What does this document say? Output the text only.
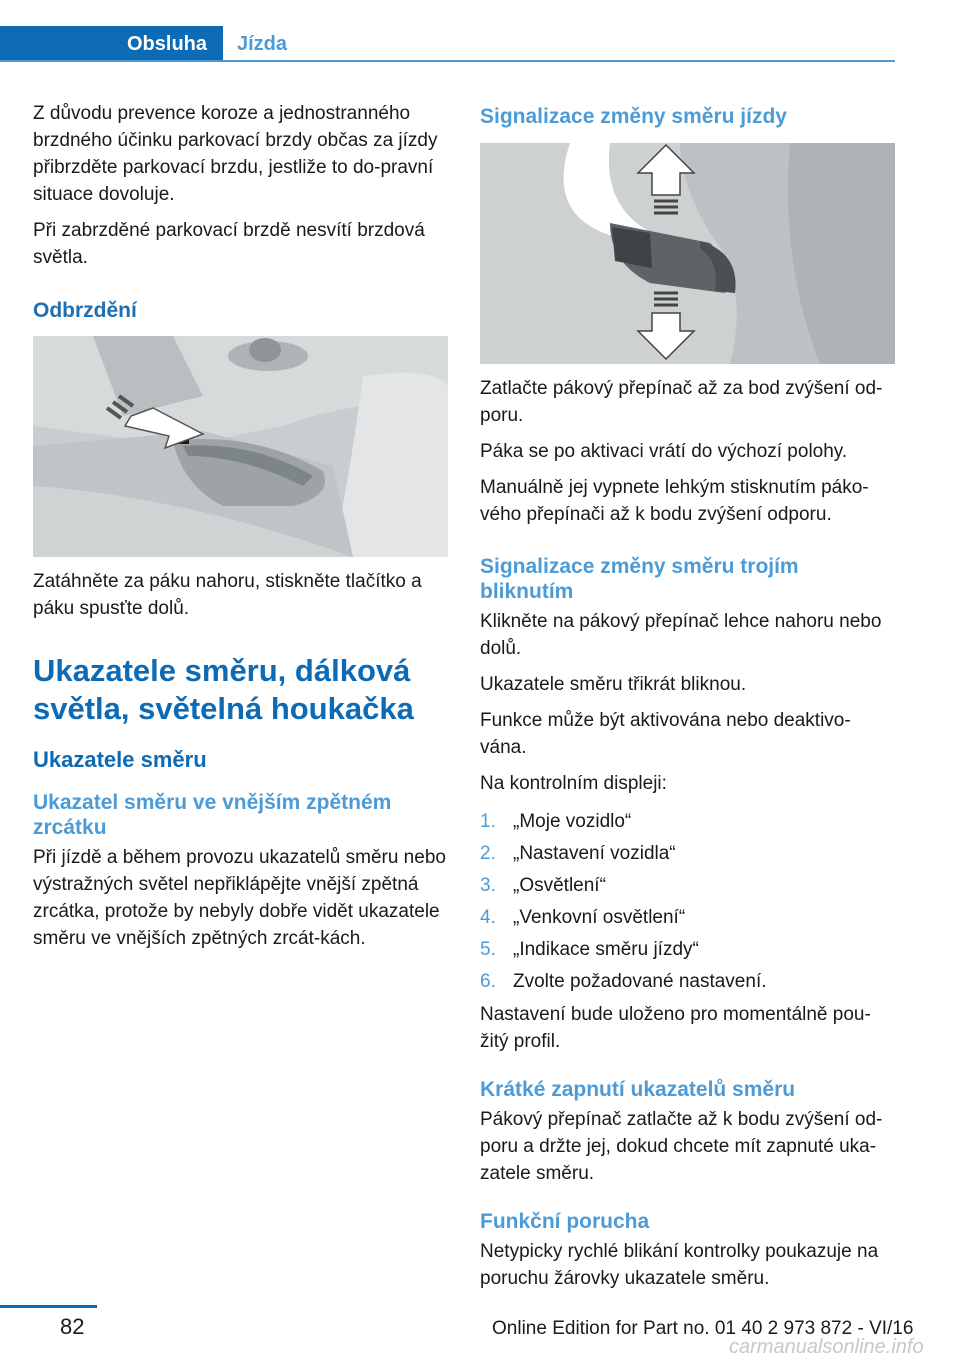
Obsluha	Jízda

Z důvodu prevence koroze a jednostranného brzdného účinku parkovací brzdy občas za jízdy přibrzděte parkovací brzdu, jestliže to do‐pravní situace dovoluje.

Při zabrzděné parkovací brzdě nesvítí brzdová světla.

Odbrzdění

Zatáhněte za páku nahoru, stiskněte tlačítko a páku spusťte dolů.

Ukazatele směru, dálková světla, světelná houkačka
Ukazatele směru
Ukazatel směru ve vnějším zpětném zrcátku

Při jízdě a během provozu ukazatelů směru nebo výstražných světel nepřiklápějte vnější zpětná zrcátka, protože by nebyly dobře vidět ukazatele směru ve vnějších zpětných zrcát‐kách.

Signalizace změny směru jízdy

Zatlačte pákový přepínač až za bod zvýšení od‐poru.

Páka se po aktivaci vrátí do výchozí polohy.

Manuálně jej vypnete lehkým stisknutím páko‐vého přepínači až k bodu zvýšení odporu.

Signalizace změny směru trojím bliknutím

Klikněte na pákový přepínač lehce nahoru nebo dolů.

Ukazatele směru třikrát bliknou.

Funkce může být aktivována nebo deaktivo‐vána.

Na kontrolním displeji:

1. „Moje vozidlo“
2. „Nastavení vozidla“
3. „Osvětlení“
4. „Venkovní osvětlení“
5. „Indikace směru jízdy“
6. Zvolte požadované nastavení.

Nastavení bude uloženo pro momentálně pou‐žitý profil.

Krátké zapnutí ukazatelů směru

Pákový přepínač zatlačte až k bodu zvýšení od‐poru a držte jej, dokud chcete mít zapnuté uka‐zatele směru.

Funkční porucha

Netypicky rychlé blikání kontrolky poukazuje na poruchu žárovky ukazatele směru.

82	Online Edition for Part no. 01 40 2 973 872 - VI/16
carmanualsonline.info
